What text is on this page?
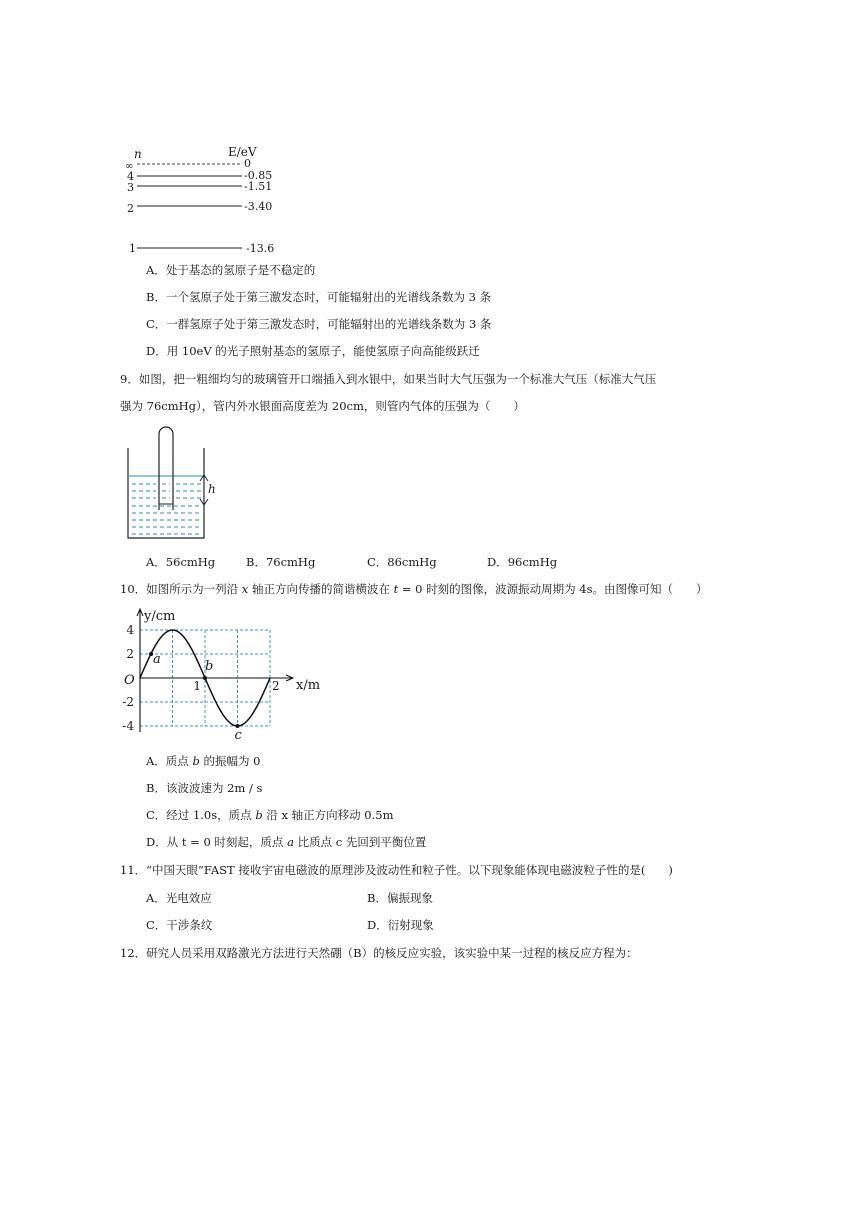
n	E/eV
∞
4
3
2
1
0
-0.85
-1.51
-3.40
-13.6
A．处于基态的氢原子是不稳定的
B．一个氢原子处于第三激发态时，可能辐射出的光谱线条数为 3 条
C．一群氢原子处于第三激发态时，可能辐射出的光谱线条数为 3 条
D．用 10eV 的光子照射基态的氢原子，能使氢原子向高能级跃迁
9．如图，把一粗细均匀的玻璃管开口端插入到水银中，如果当时大气压强为一个标准大气压（标准大气压
强为 76cmHg），管内外水银面高度差为 20cm，则管内气体的压强为（　　）
h
A．56cmHg	B．76cmHg	C．86cmHg	D．96cmHg
10．如图所示为一列沿 x 轴正方向传播的简谐横波在 t = 0 时刻的图像，波源振动周期为 4s。由图像可知（　　）
4
2
-2
-4
1	2
O
y/cm
x/m
a	b
c
A．质点 b 的振幅为 0
B．该波波速为 2m / s
C．经过 1.0s，质点 b 沿 x 轴正方向移动 0.5m
D．从 t = 0 时刻起，质点 a 比质点 c 先回到平衡位置
11．“中国天眼”FAST 接收宇宙电磁波的原理涉及波动性和粒子性。以下现象能体现电磁波粒子性的是(　　)
A．光电效应	B．偏振现象
C．干涉条纹	D．衍射现象
12．研究人员采用双路激光方法进行天然硼（B）的核反应实验，该实验中某一过程的核反应方程为：
